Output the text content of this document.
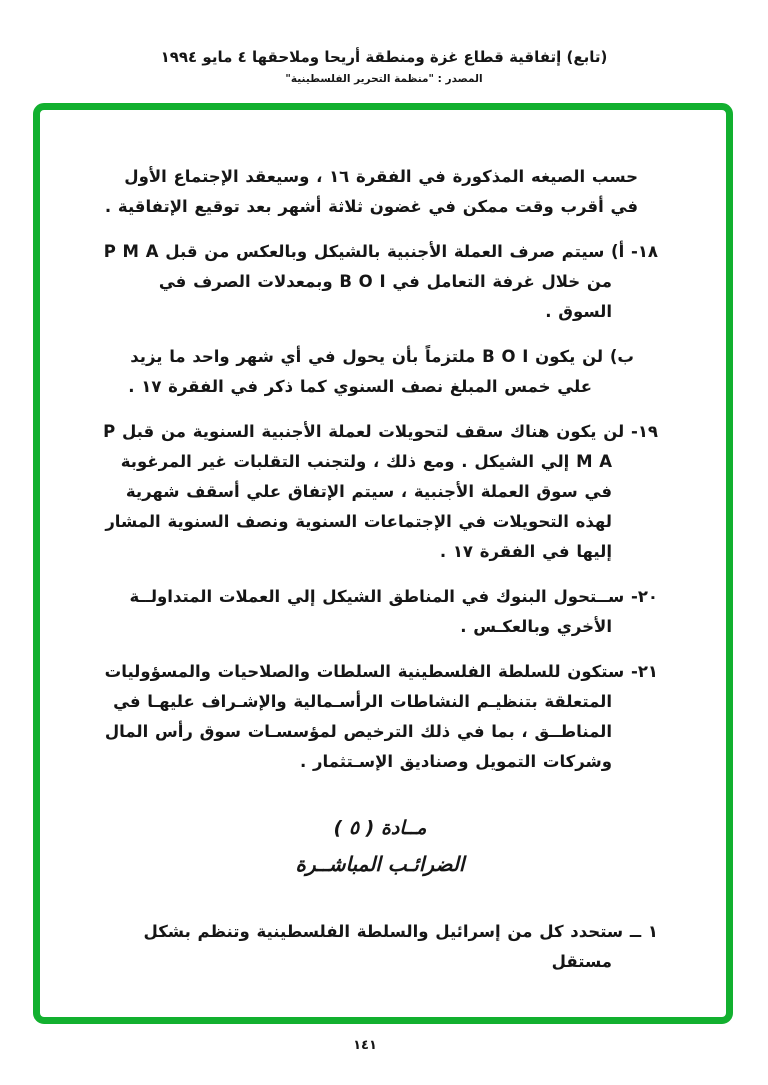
(تابع) إتفاقية قطاع غزة ومنطقة أريحا وملاحقها ٤ مايو ١٩٩٤
المصدر : "منظمة التحرير الفلسطينية"
حسب الصيغه المذكورة في الفقرة ١٦ ، وسيعقد الإجتماع الأول في أقرب وقت ممكن في غضون ثلاثة أشهر بعد توقيع الإتفاقية .
١٨- أ) سيتم صرف العملة الأجنبية بالشيكل وبالعكس من قبل P M A من خلال غرفة التعامل في B O I وبمعدلات الصرف في السوق .
ب) لن يكون B O I ملتزماً بأن يحول في أي شهر واحد ما يزيد علي خمس المبلغ نصف السنوي كما ذكر في الفقرة ١٧ .
١٩- لن يكون هناك سقف لتحويلات لعملة الأجنبية السنوية من قبل P M A إلي الشيكل . ومع ذلك ، ولتجنب التقلبات غير المرغوبة في سوق العملة الأجنبية ، سيتم الإتفاق علي أسقف شهرية لهذه التحويلات في الإجتماعات السنوية ونصف السنوية المشار إليها في الفقرة ١٧ .
٢٠- ســتحول البنوك في المناطق الشيكل إلي العملات المتداولــة الأخري وبالعكـس .
٢١- ستكون للسلطة الفلسطينية السلطات والصلاحيات والمسؤوليات المتعلقة بتنظيـم النشاطات الرأسـمالية والإشـراف عليهـا في المناطــق ، بما في ذلك الترخيص لمؤسسـات سوق رأس المال وشركات التمويل وصناديق الإسـتثمار .
مــادة ( ٥ )
الضرائـب المباشــرة
١ ــ ستحدد كل من إسرائيل والسلطة الفلسطينية وتنظم بشكل مستقل
١٤١
